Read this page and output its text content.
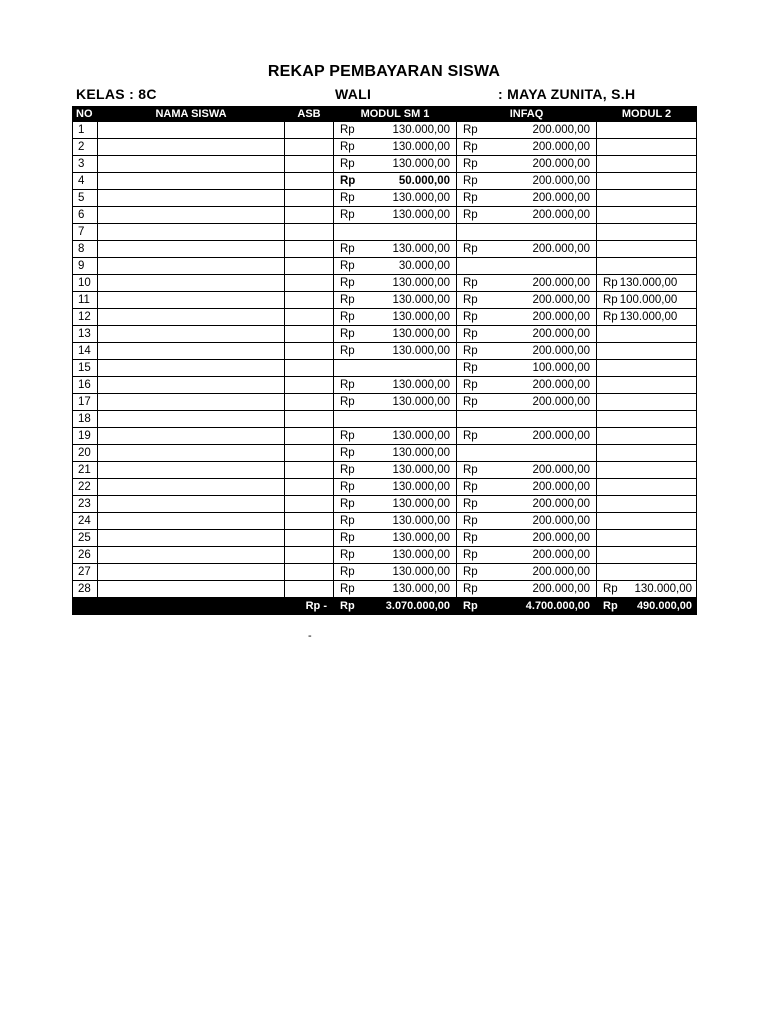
REKAP PEMBAYARAN SISWA
KELAS : 8C	WALI	: MAYA ZUNITA, S.H
NO	NAMA SISWA	ASB	MODUL SM 1	INFAQ	MODUL 2
1			Rp 130.000,00	Rp 200.000,00	

2			Rp 130.000,00	Rp 200.000,00	

3			Rp 130.000,00	Rp 200.000,00	

4			Rp 50.000,00	Rp 200.000,00	

5			Rp 130.000,00	Rp 200.000,00	

6			Rp 130.000,00	Rp 200.000,00	

7					
8			Rp 130.000,00	Rp 200.000,00	

9			Rp 30.000,00		

10			Rp 130.000,00	Rp 200.000,00	Rp 130.000,00

11			Rp 130.000,00	Rp 200.000,00	Rp 100.000,00

12			Rp 130.000,00	Rp 200.000,00	Rp 130.000,00

13			Rp 130.000,00	Rp 200.000,00	

14			Rp 130.000,00	Rp 200.000,00	

15				Rp 100.000,00	

16			Rp 130.000,00	Rp 200.000,00	

17			Rp 130.000,00	Rp 200.000,00	

18					
19			Rp 130.000,00	Rp 200.000,00	

20			Rp 130.000,00		

21			Rp 130.000,00	Rp 200.000,00	

22			Rp 130.000,00	Rp 200.000,00	

23			Rp 130.000,00	Rp 200.000,00	

24			Rp 130.000,00	Rp 200.000,00	

25			Rp 130.000,00	Rp 200.000,00	

26			Rp 130.000,00	Rp 200.000,00	

27			Rp 130.000,00	Rp 200.000,00	

28			Rp 130.000,00	Rp 200.000,00	Rp 130.000,00

		Rp -	Rp 3.070.000,00	Rp 4.700.000,00	Rp 490.000,00
-
